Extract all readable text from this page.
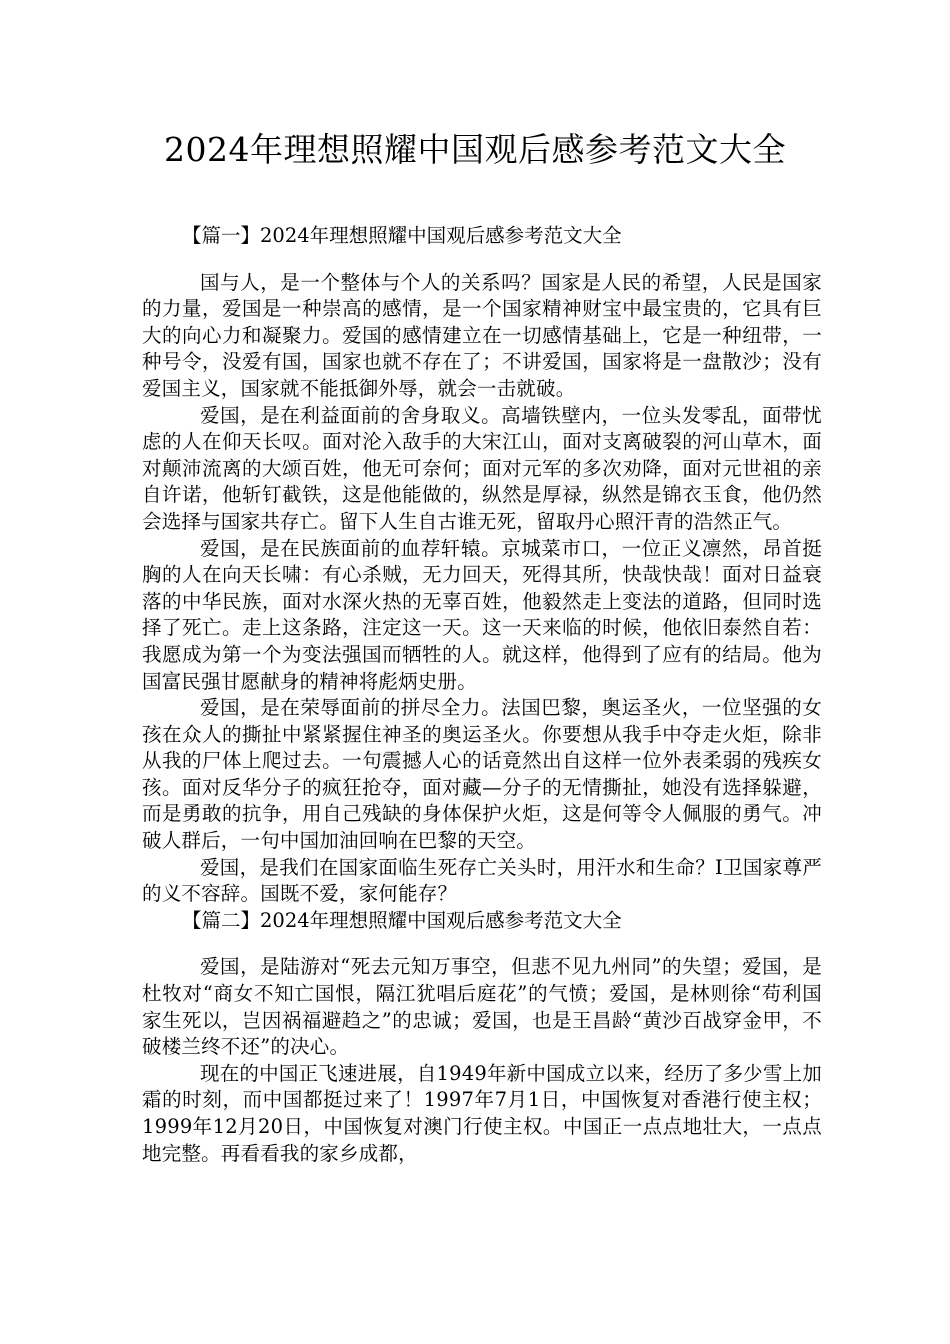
2024年理想照耀中国观后感参考范文大全
【篇一】2024年理想照耀中国观后感参考范文大全

国与人，是一个整体与个人的关系吗？国家是人民的希望，人民是国家的力量，爱国是一种崇高的感情，是一个国家精神财宝中最宝贵的，它具有巨大的向心力和凝聚力。爱国的感情建立在一切感情基础上，它是一种纽带，一种号令，没爱有国，国家也就不存在了；不讲爱国，国家将是一盘散沙；没有爱国主义，国家就不能抵御外辱，就会一击就破。

爱国，是在利益面前的舍身取义。高墙铁壁内，一位头发零乱，面带忧虑的人在仰天长叹。面对沦入敌手的大宋江山，面对支离破裂的河山草木，面对颠沛流离的大颂百姓，他无可奈何；面对元军的多次劝降，面对元世祖的亲自许诺，他斩钉截铁，这是他能做的，纵然是厚禄，纵然是锦衣玉食，他仍然会选择与国家共存亡。留下人生自古谁无死，留取丹心照汗青的浩然正气。

爱国，是在民族面前的血荐轩辕。京城菜市口，一位正义凛然，昂首挺胸的人在向天长啸：有心杀贼，无力回天，死得其所，快哉快哉！面对日益衰落的中华民族，面对水深火热的无辜百姓，他毅然走上变法的道路，但同时选择了死亡。走上这条路，注定这一天。这一天来临的时候，他依旧泰然自若：我愿成为第一个为变法强国而牺牲的人。就这样，他得到了应有的结局。他为国富民强甘愿献身的精神将彪炳史册。

爱国，是在荣辱面前的拼尽全力。法国巴黎，奥运圣火，一位坚强的女孩在众人的撕扯中紧紧握住神圣的奥运圣火。你要想从我手中夺走火炬，除非从我的尸体上爬过去。一句震撼人心的话竟然出自这样一位外表柔弱的残疾女孩。面对反华分子的疯狂抢夺，面对藏—分子的无情撕扯，她没有选择躲避，而是勇敢的抗争，用自己残缺的身体保护火炬，这是何等令人佩服的勇气。冲破人群后，一句中国加油回响在巴黎的天空。

爱国，是我们在国家面临生死存亡关头时，用汗水和生命？I卫国家尊严的义不容辞。国既不爱，家何能存？

【篇二】2024年理想照耀中国观后感参考范文大全

爱国，是陆游对“死去元知万事空，但悲不见九州同”的失望；爱国，是杜牧对“商女不知亡国恨，隔江犹唱后庭花”的气愤；爱国，是林则徐“苟利国家生死以，岂因祸福避趋之”的忠诚；爱国，也是王昌龄“黄沙百战穿金甲，不破楼兰终不还”的决心。

现在的中国正飞速进展，自1949年新中国成立以来，经历了多少雪上加霜的时刻，而中国都挺过来了！1997年7月1日，中国恢复对香港行使主权；1999年12月20日，中国恢复对澳门行使主权。中国正一点点地壮大，一点点地完整。再看看我的家乡成都，
